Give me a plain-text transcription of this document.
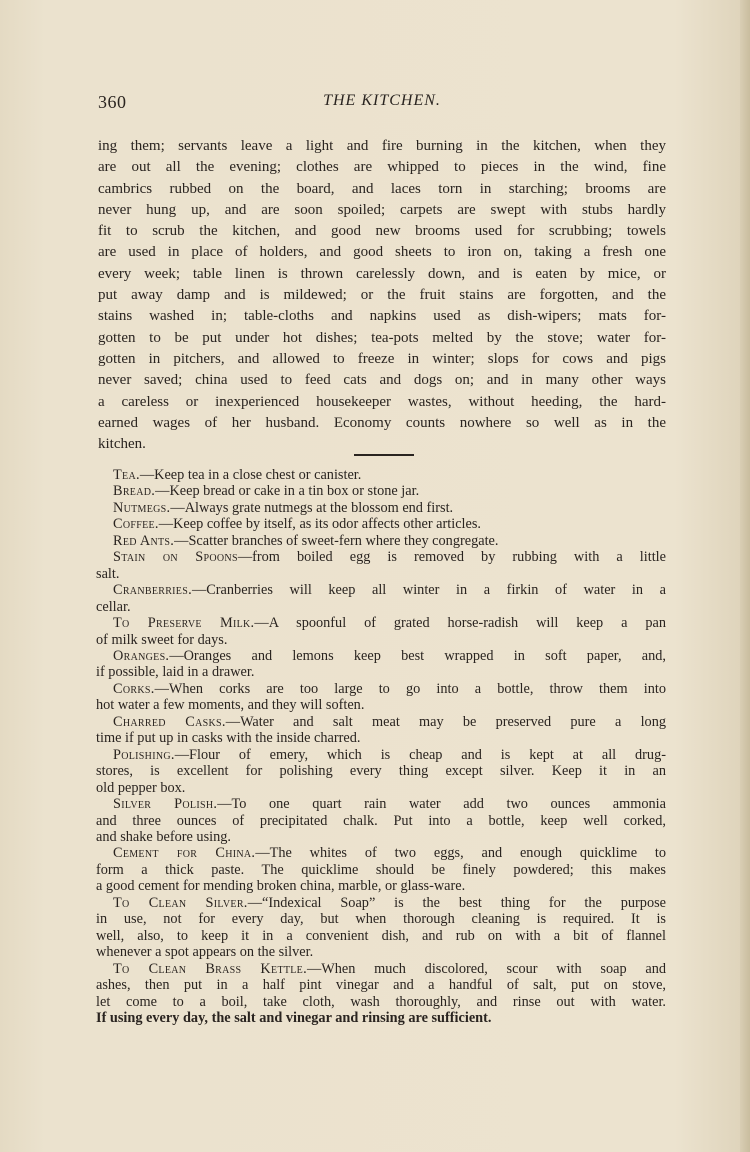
360	THE KITCHEN.
ing them; servants leave a light and fire burning in the kitchen, when they
are out all the evening; clothes are whipped to pieces in the wind, fine
cambrics rubbed on the board, and laces torn in starching; brooms are
never hung up, and are soon spoiled; carpets are swept with stubs hardly
fit to scrub the kitchen, and good new brooms used for scrubbing; towels
are used in place of holders, and good sheets to iron on, taking a fresh one
every week; table linen is thrown carelessly down, and is eaten by mice, or
put away damp and is mildewed; or the fruit stains are forgotten, and the
stains washed in; table-cloths and napkins used as dish-wipers; mats for-
gotten to be put under hot dishes; tea-pots melted by the stove; water for-
gotten in pitchers, and allowed to freeze in winter; slops for cows and pigs
never saved; china used to feed cats and dogs on; and in many other ways
a careless or inexperienced housekeeper wastes, without heeding, the hard-
earned wages of her husband. Economy counts nowhere so well as in the
kitchen.

Tea.—Keep tea in a close chest or canister.

Bread.—Keep bread or cake in a tin box or stone jar.

Nutmegs.—Always grate nutmegs at the blossom end first.

Coffee.—Keep coffee by itself, as its odor affects other articles.

Red Ants.—Scatter branches of sweet-fern where they congregate.

Stain on Spoons—from boiled egg is removed by rubbing with a little
salt.

Cranberries.—Cranberries will keep all winter in a firkin of water in a
cellar.

To Preserve Milk.—A spoonful of grated horse-radish will keep a pan
of milk sweet for days.

Oranges.—Oranges and lemons keep best wrapped in soft paper, and,
if possible, laid in a drawer.

Corks.—When corks are too large to go into a bottle, throw them into
hot water a few moments, and they will soften.

Charred Casks.—Water and salt meat may be preserved pure a long
time if put up in casks with the inside charred.

Polishing.—Flour of emery, which is cheap and is kept at all drug-
stores, is excellent for polishing every thing except silver. Keep it in an
old pepper box.

Silver Polish.—To one quart rain water add two ounces ammonia
and three ounces of precipitated chalk. Put into a bottle, keep well corked,
and shake before using.

Cement for China.—The whites of two eggs, and enough quicklime to
form a thick paste. The quicklime should be finely powdered; this makes
a good cement for mending broken china, marble, or glass-ware.

To Clean Silver.—“Indexical Soap” is the best thing for the purpose
in use, not for every day, but when thorough cleaning is required. It is
well, also, to keep it in a convenient dish, and rub on with a bit of flannel
whenever a spot appears on the silver.

To Clean Brass Kettle.—When much discolored, scour with soap and
ashes, then put in a half pint vinegar and a handful of salt, put on stove,
let come to a boil, take cloth, wash thoroughly, and rinse out with water.
If using every day, the salt and vinegar and rinsing are sufficient.
